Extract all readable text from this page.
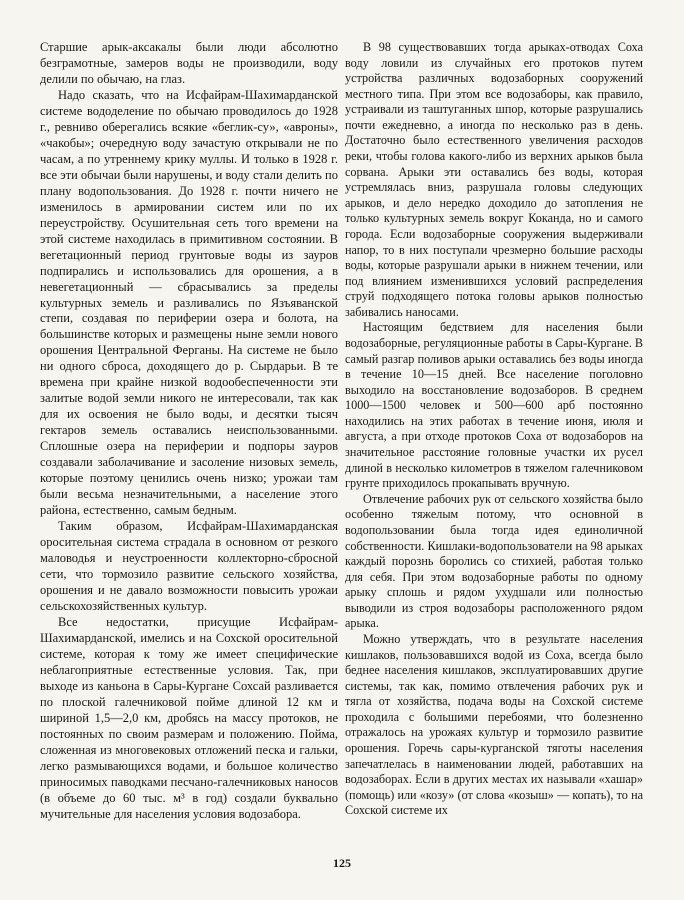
Старшие арык-аксакалы были люди абсолютно безграмотные, замеров воды не производили, воду делили по обычаю, на глаз.

Надо сказать, что на Исфайрам-Шахимарданской системе вододеление по обычаю проводилось до 1928 г., ревниво оберегались всякие «беглик-су», «авроны», «чакобы»; очередную воду зачастую открывали не по часам, а по утреннему крику муллы. И только в 1928 г. все эти обычаи были нарушены, и воду стали делить по плану водопользования. До 1928 г. почти ничего не изменилось в армировании систем или по их переустройству. Осушительная сеть того времени на этой системе находилась в примитивном состоянии. В вегетационный период грунтовые воды из зауров подпирались и использовались для орошения, а в невегетационный — сбрасывались за пределы культурных земель и разливались по Язъяванской степи, создавая по периферии озера и болота, на большинстве которых и размещены ныне земли нового орошения Центральной Ферганы. На системе не было ни одного сброса, доходящего до р. Сырдарьи. В те времена при крайне низкой водообеспеченности эти залитые водой земли никого не интересовали, так как для их освоения не было воды, и десятки тысяч гектаров земель оставались неиспользованными. Сплошные озера на периферии и подпоры зауров создавали заболачивание и засоление низовых земель, которые поэтому ценились очень низко; урожаи там были весьма незначительными, а население этого района, естественно, самым бедным.

Таким образом, Исфайрам-Шахимарданская оросительная система страдала в основном от резкого маловодья и неустроенности коллекторно-сбросной сети, что тормозило развитие сельского хозяйства, орошения и не давало возможности повысить урожаи сельскохозяйственных культур.

Все недостатки, присущие Исфайрам-Шахимарданской, имелись и на Сохской оросительной системе, которая к тому же имеет специфические неблагоприятные естественные условия. Так, при выходе из каньона в Сары-Кургане Сохсай разливается по плоской галечниковой пойме длиной 12 км и шириной 1,5—2,0 км, дробясь на массу протоков, не постоянных по своим размерам и положению. Пойма, сложенная из многовековых отложений песка и гальки, легко размывающихся водами, и большое количество приносимых паводками песчано-галечниковых наносов (в объеме до 60 тыс. м³ в год) создали буквально мучительные для населения условия водозабора.

В 98 существовавших тогда арыках-отводах Соха воду ловили из случайных его протоков путем устройства различных водозаборных сооружений местного типа. При этом все водозаборы, как правило, устраивали из таштуганных шпор, которые разрушались почти ежедневно, а иногда по несколько раз в день. Достаточно было естественного увеличения расходов реки, чтобы голова какого-либо из верхних арыков была сорвана. Арыки эти оставались без воды, которая устремлялась вниз, разрушала головы следующих арыков, и дело нередко доходило до затопления не только культурных земель вокруг Коканда, но и самого города. Если водозаборные сооружения выдерживали напор, то в них поступали чрезмерно большие расходы воды, которые разрушали арыки в нижнем течении, или под влиянием изменившихся условий распределения струй подходящего потока головы арыков полностью забивались наносами.

Настоящим бедствием для населения были водозаборные, регуляционные работы в Сары-Кургане. В самый разгар поливов арыки оставались без воды иногда в течение 10—15 дней. Все население поголовно выходило на восстановление водозаборов. В среднем 1000—1500 человек и 500—600 арб постоянно находились на этих работах в течение июня, июля и августа, а при отходе протоков Соха от водозаборов на значительное расстояние головные участки их русел длиной в несколько километров в тяжелом галечниковом грунте приходилось прокапывать вручную.

Отвлечение рабочих рук от сельского хозяйства было особенно тяжелым потому, что основной в водопользовании была тогда идея единоличной собственности. Кишлаки-водопользователи на 98 арыках каждый порознь боролись со стихией, работая только для себя. При этом водозаборные работы по одному арыку сплошь и рядом ухудшали или полностью выводили из строя водозаборы расположенного рядом арыка.

Можно утверждать, что в результате населения кишлаков, пользовавшихся водой из Соха, всегда было беднее населения кишлаков, эксплуатировавших другие системы, так как, помимо отвлечения рабочих рук и тягла от хозяйства, подача воды на Сохской системе проходила с большими перебоями, что болезненно отражалось на урожаях культур и тормозило развитие орошения. Горечь сары-курганской тяготы населения запечатлелась в наименовании людей, работавших на водозаборах. Если в других местах их называли «хашар» (помощь) или «козу» (от слова «козыш» — копать), то на Сохской системе их

125
